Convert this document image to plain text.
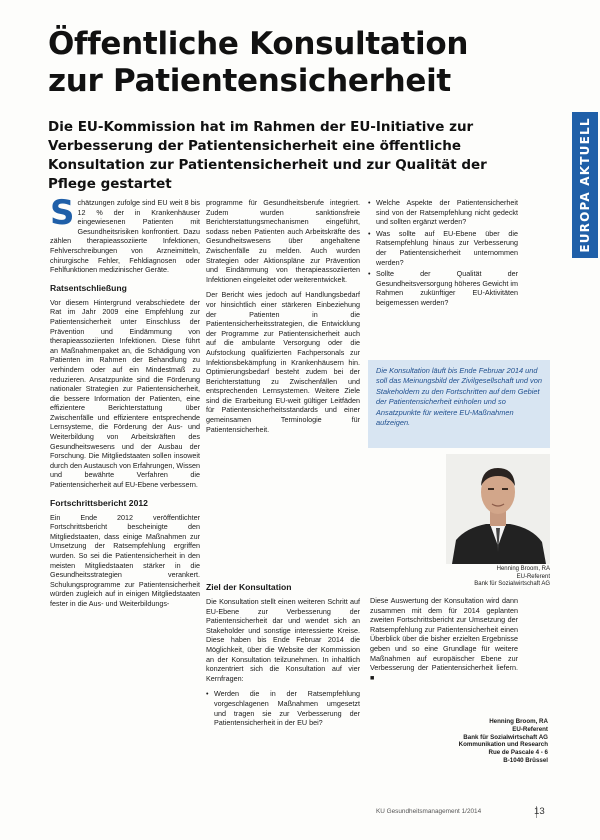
Öffentliche Konsultation
zur Patientensicherheit

Die EU-Kommission hat im Rahmen der EU-Initiative zur Verbesserung der Patientensicherheit eine öffentliche Konsultation zur Patientensicherheit und zur Qualität der Pflege gestartet	EUROPA AKTUELL

Schätzungen zufolge sind EU weit 8 bis 12 % der in Krankenhäuser eingewiesenen Patienten mit Gesundheitsrisiken konfrontiert. Dazu zählen therapieassoziierte Infektionen, Fehlverschreibungen von Arzneimitteln, chirurgische Fehler, Fehldiagnosen oder Fehlfunktionen medizinischer Geräte.

Ratsentschließung

Vor diesem Hintergrund verabschiedete der Rat im Jahr 2009 eine Empfehlung zur Patientensicherheit unter Einschluss der Prävention und Eindämmung von therapieassoziierten Infektionen. Diese führt an Maßnahmenpaket an, die Schädigung von Patienten im Rahmen der Behandlung zu verhindern oder auf ein Mindestmaß zu reduzieren. Ansatzpunkte sind die Förderung nationaler Strategien zur Patientensicherheit, die bessere Information der Patienten, eine effizientere Berichterstattung über Zwischenfälle und effizientere entsprechende Lernsysteme, die Förderung der Aus- und Weiterbildung von Arbeitskräften des Gesundheitswesens und der Ausbau der Forschung. Die Mitgliedstaaten sollen insoweit durch den Austausch von Erfahrungen, Wissen und bewährte Verfahren die Patientensicherheit auf EU-Ebene verbessern.

Fortschrittsbericht 2012

Ein Ende 2012 veröffentlichter Fortschrittsbericht bescheinigte den Mitgliedstaaten, dass einige Maßnahmen zur Umsetzung der Ratsempfehlung ergriffen wurden. So sei die Patientensicherheit in den meisten Mitgliedstaaten stärker in die Gesundheitsstrategien verankert. Schulungsprogramme zur Patientensicherheit würden zugleich auf in einigen Mitgliedstaaten fester in die Aus- und Weiterbildungs-

programme für Gesundheitsberufe integriert. Zudem wurden sanktionsfreie Berichterstattungsmechanismen eingeführt, sodass neben Patienten auch Arbeitskräfte des Gesundheitswesens über angehaltene Zwischenfälle zu melden. Auch wurden Strategien oder Aktionspläne zur Prävention und Eindämmung von therapieassoziierten Infektionen eingeleitet oder weiterentwickelt.

Der Bericht wies jedoch auf Handlungsbedarf vor hinsichtlich einer stärkeren Einbeziehung der Patienten in die Patientensicherheitsstrategien, die Entwicklung der Programme zur Patientensicherheit auch auf die ambulante Versorgung oder die Aufstockung qualifizierten Fachpersonals zur Infektionsbekämpfung in Krankenhäusern hin. Optimierungsbedarf besteht zudem bei der Berichterstattung zu Zwischenfällen und entsprechenden Lernsystemen. Weitere Ziele sind die Erarbeitung EU-weit gültiger Leitfäden für Patientensicherheitsstandards und einer gemeinsamen Terminologie für Patientensicherheit.

Ziel der Konsultation

Die Konsultation stellt einen weiteren Schritt auf EU-Ebene zur Verbesserung der Patientensicherheit dar und wendet sich an Stakeholder und sonstige interessierte Kreise. Diese haben bis Ende Februar 2014 die Möglichkeit, über die Website der Kommission an der Konsultation teilzunehmen. In inhaltlich konzentriert sich die Konsultation auf vier Kernfragen:

• Werden die in der Ratsempfehlung vorgeschlagenen Maßnahmen umgesetzt und tragen sie zur Verbesserung der Patientensicherheit in der EU bei?
• Welche Aspekte der Patientensicherheit sind von der Ratsempfehlung nicht gedeckt und sollten ergänzt werden?
• Was sollte auf EU-Ebene über die Ratsempfehlung hinaus zur Verbesserung der Patientensicherheit unternommen werden?
• Sollte der Qualität der Gesundheitsversorgung höheres Gewicht im Rahmen zukünftiger EU-Aktivitäten beigemessen werden?
Die Konsultation läuft bis Ende Februar 2014 und soll das Meinungsbild der Zivilgesellschaft und von Stakeholdern zu den Fortschritten auf dem Gebiet der Patientensicherheit einholen und so Ansatzpunkte für weitere EU-Maßnahmen aufzeigen.
Henning Broom, RA
EU-Referent
Bank für Sozialwirtschaft AG

Diese Auswertung der Konsultation wird dann zusammen mit dem für 2014 geplanten zweiten Fortschrittsbericht zur Umsetzung der Ratsempfehlung zur Patientensicherheit einen Überblick über die bisher erzielten Ergebnisse geben und so eine Grundlage für weitere Maßnahmen auf europäischer Ebene zur Verbesserung der Patientensicherheit liefern. ■

Henning Broom, RA
EU-Referent
Bank für Sozialwirtschaft AG
Kommunikation und Research
Rue de Pascale 4 - 6
B-1040 Brüssel
KU Gesundheitsmanagement 1/2014	13
